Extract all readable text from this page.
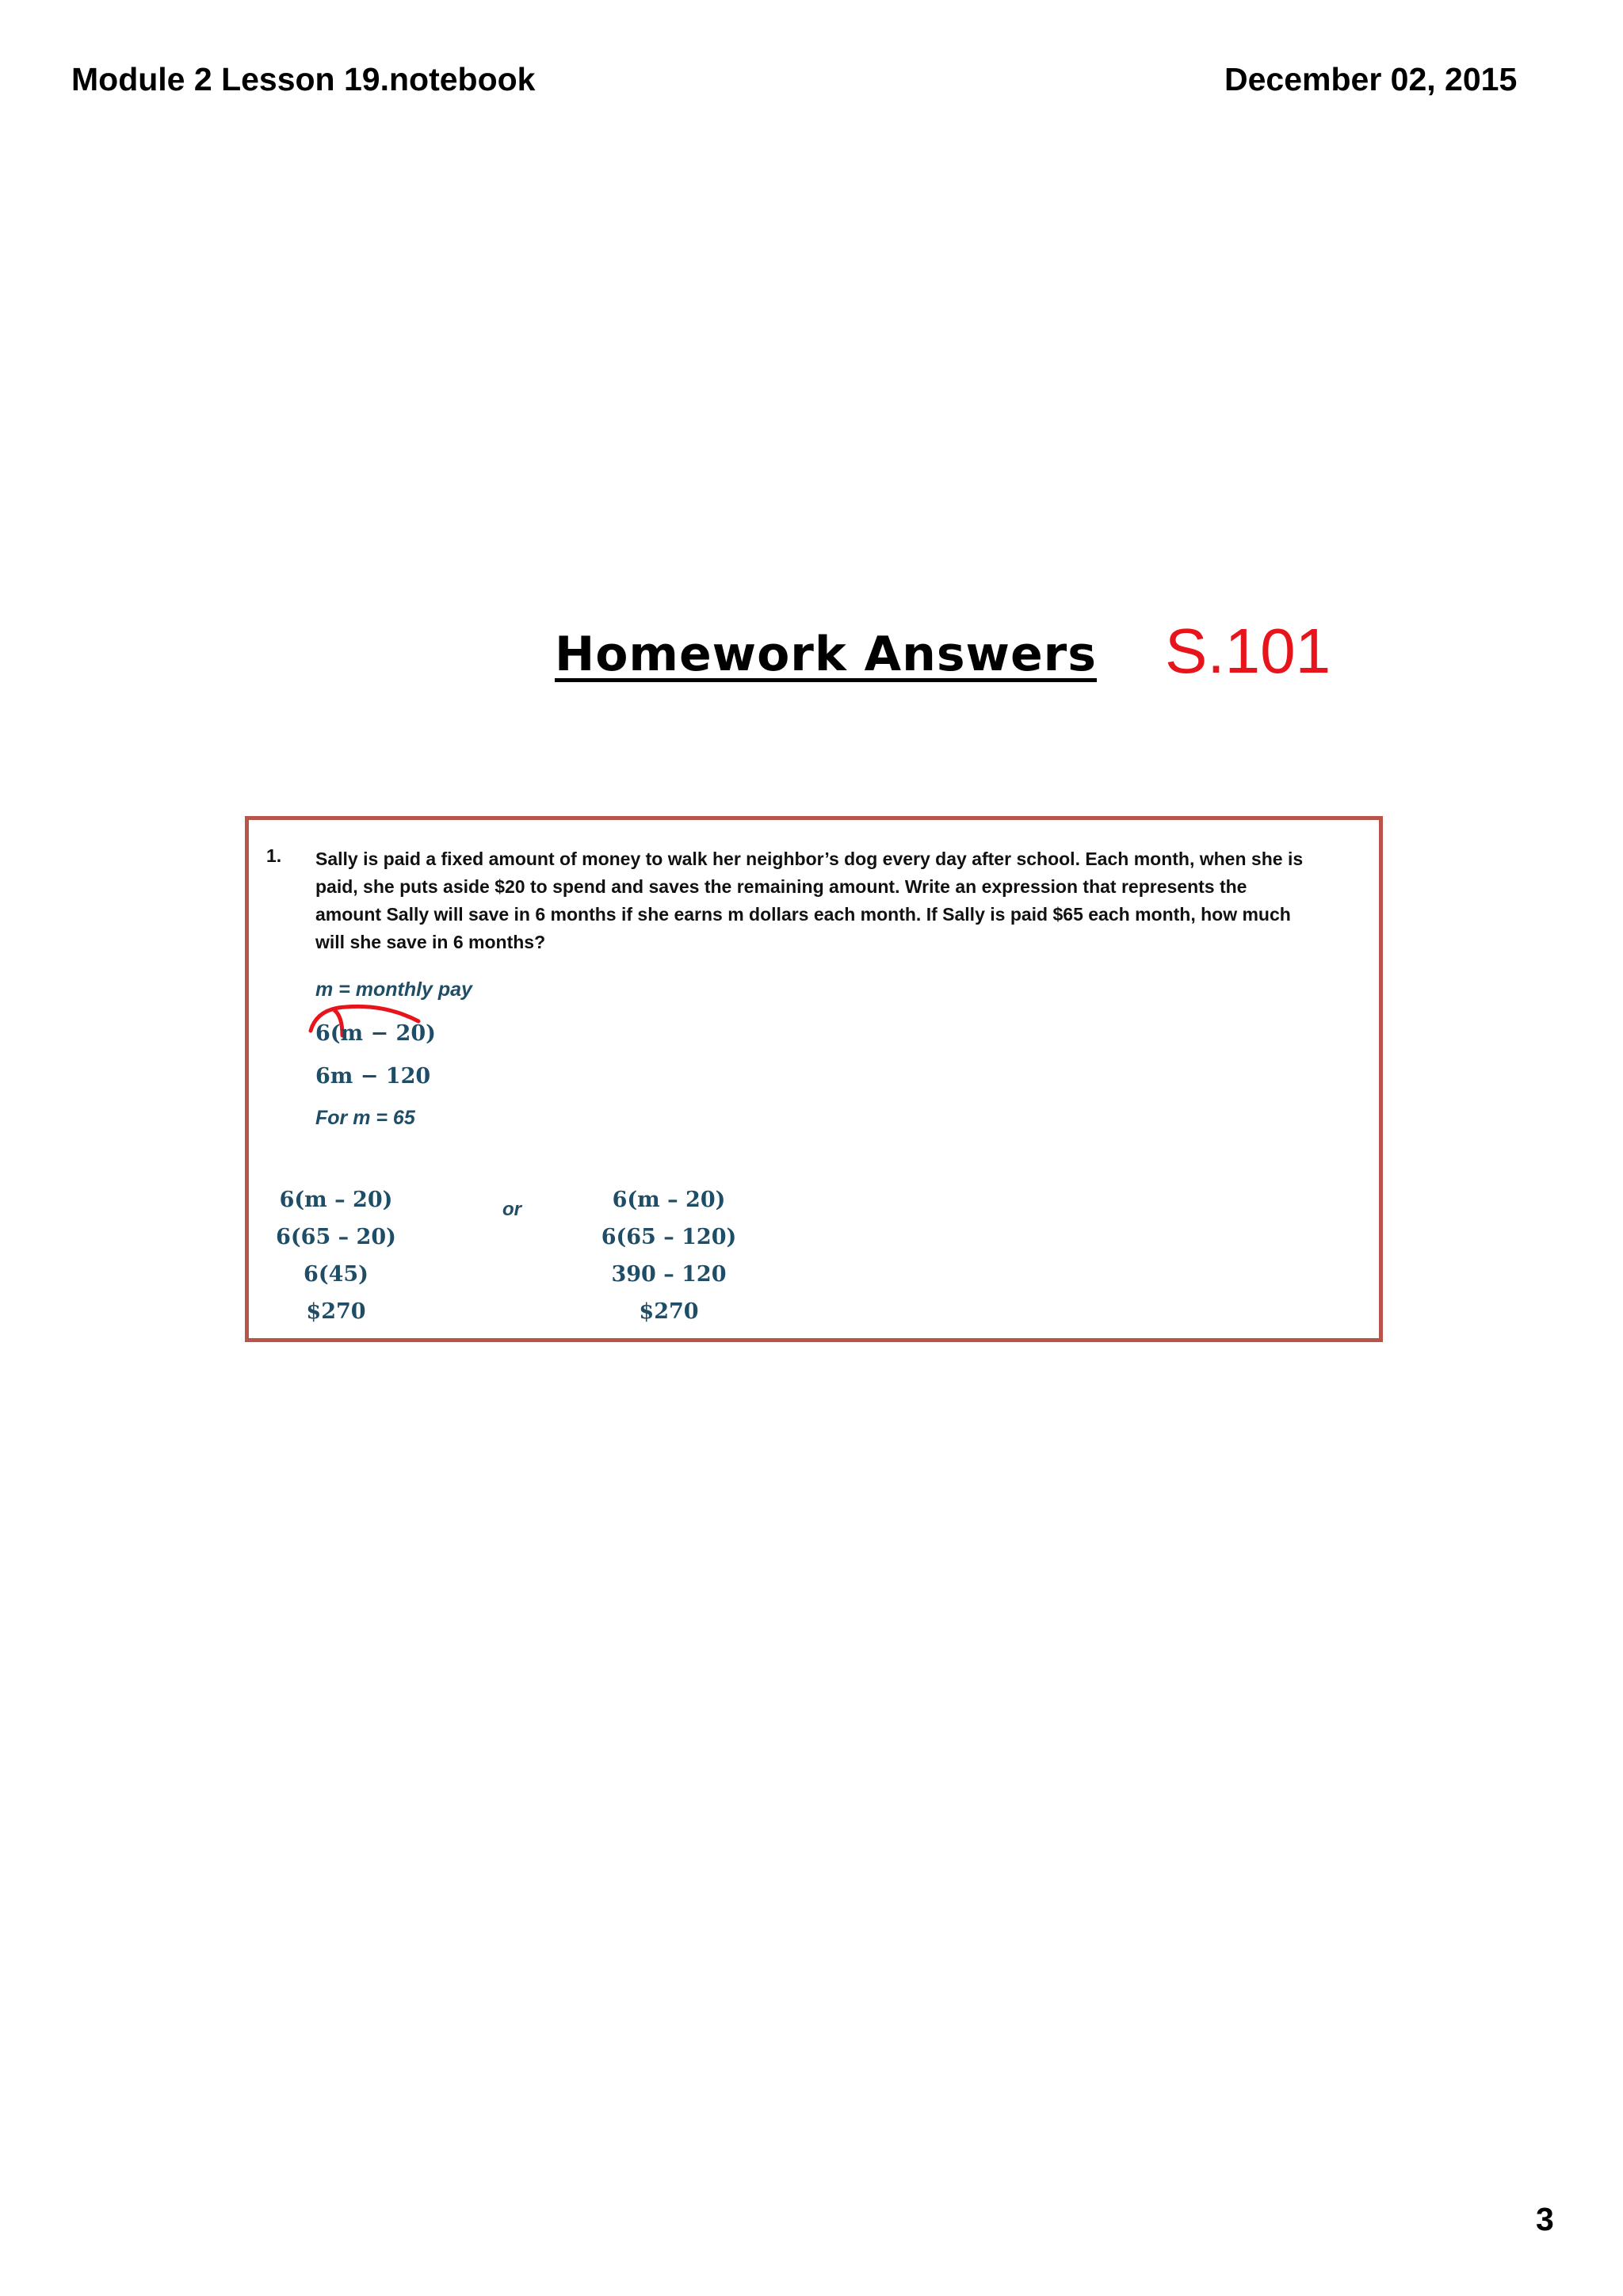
Module 2 Lesson 19.notebook	December 02, 2015
Homework Answers S.101
1. Sally is paid a fixed amount of money to walk her neighbor’s dog every day after school. Each month, when she is
paid, she puts aside $20 to spend and saves the remaining amount. Write an expression that represents the
amount Sally will save in 6 months if she earns m dollars each month. If Sally is paid $65 each month, how much
will she save in 6 months?

m = monthly pay
6(m − 20)
6m − 120
For m = 65
6(m – 20)
6(65 – 20)
6(45)
$270
or	6(m – 20)
6(65 – 120)
390 – 120
$270
3
